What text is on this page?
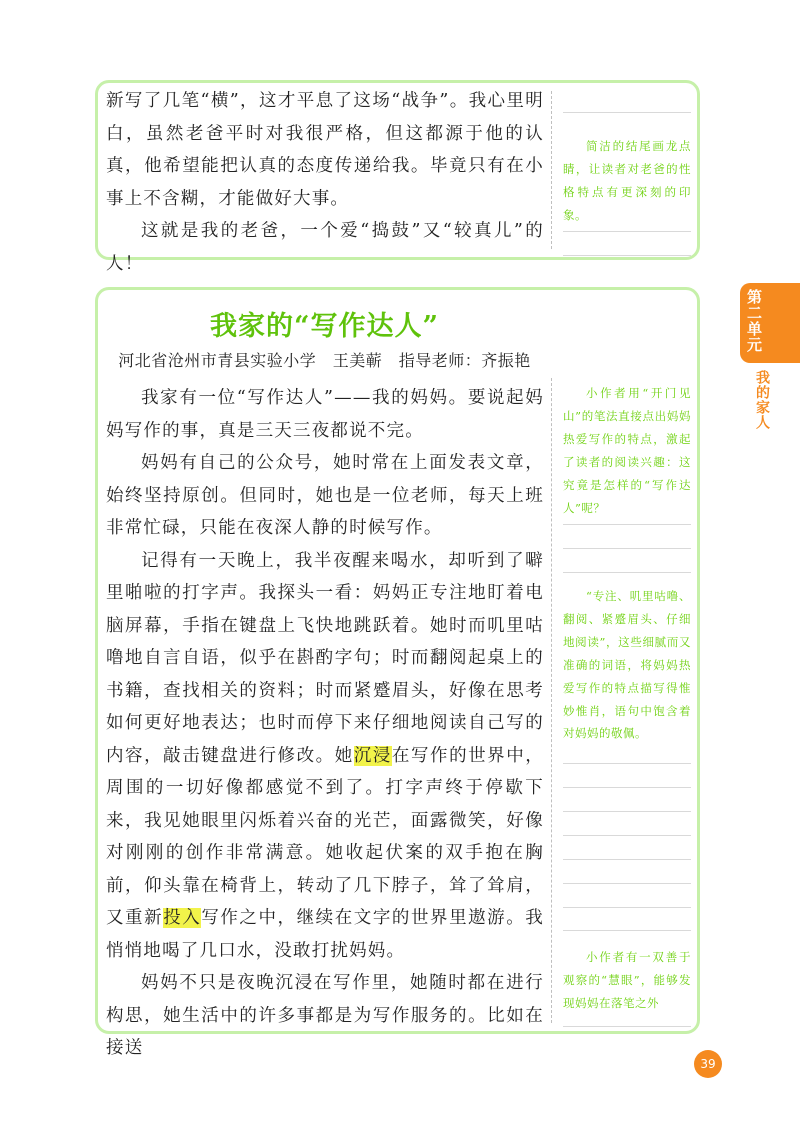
新写了几笔“横”，这才平息了这场“战争”。我心里明白，虽然老爸平时对我很严格，但这都源于他的认真，他希望能把认真的态度传递给我。毕竟只有在小事上不含糊，才能做好大事。

这就是我的老爸，一个爱“捣鼓”又“较真儿”的人！

简洁的结尾画龙点睛，让读者对老爸的性格特点有更深刻的印象。
我家的“写作达人”
河北省沧州市青县实验小学　王美蕲　指导老师：齐振艳

我家有一位“写作达人”——我的妈妈。要说起妈妈写作的事，真是三天三夜都说不完。

妈妈有自己的公众号，她时常在上面发表文章，始终坚持原创。但同时，她也是一位老师，每天上班非常忙碌，只能在夜深人静的时候写作。

记得有一天晚上，我半夜醒来喝水，却听到了噼里啪啦的打字声。我探头一看：妈妈正专注地盯着电脑屏幕，手指在键盘上飞快地跳跃着。她时而叽里咕噜地自言自语，似乎在斟酌字句；时而翻阅起桌上的书籍，查找相关的资料；时而紧蹙眉头，好像在思考如何更好地表达；也时而停下来仔细地阅读自己写的内容，敲击键盘进行修改。她沉浸在写作的世界中，周围的一切好像都感觉不到了。打字声终于停歇下来，我见她眼里闪烁着兴奋的光芒，面露微笑，好像对刚刚的创作非常满意。她收起伏案的双手抱在胸前，仰头靠在椅背上，转动了几下脖子，耸了耸肩，又重新投入写作之中，继续在文字的世界里遨游。我悄悄地喝了几口水，没敢打扰妈妈。

妈妈不只是夜晚沉浸在写作里，她随时都在进行构思，她生活中的许多事都是为写作服务的。比如在接送

小作者用“开门见山”的笔法直接点出妈妈热爱写作的特点，激起了读者的阅读兴趣：这究竟是怎样的“写作达人”呢？
“专注、叽里咕噜、翻阅、紧蹙眉头、仔细地阅读”，这些细腻而又准确的词语，将妈妈热爱写作的特点描写得惟妙惟肖，语句中饱含着对妈妈的敬佩。
小作者有一双善于观察的“慧眼”，能够发现妈妈在落笔之外
第二单元
我的家人
39
